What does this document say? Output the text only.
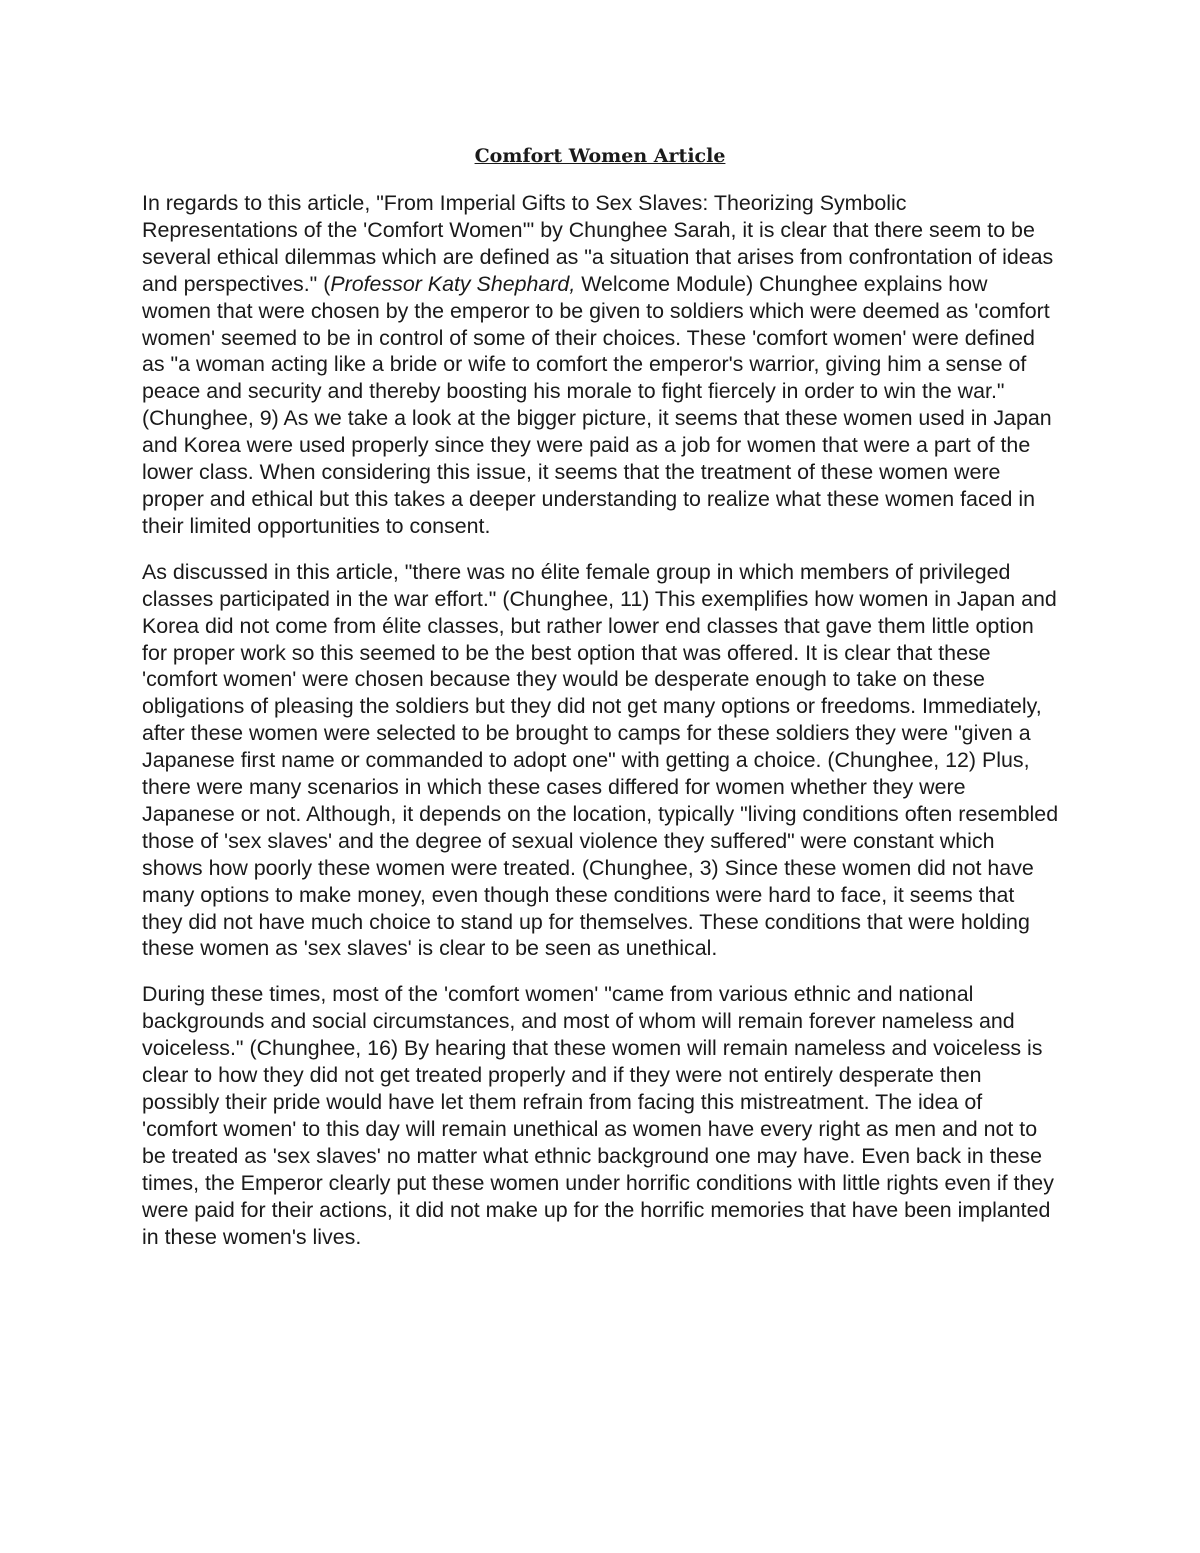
Comfort Women Article

In regards to this article, "From Imperial Gifts to Sex Slaves: Theorizing Symbolic Representations of the 'Comfort Women'" by Chunghee Sarah, it is clear that there seem to be several ethical dilemmas which are defined as "a situation that arises from confrontation of ideas and perspectives." (Professor Katy Shephard, Welcome Module) Chunghee explains how women that were chosen by the emperor to be given to soldiers which were deemed as 'comfort women' seemed to be in control of some of their choices. These 'comfort women' were defined as "a woman acting like a bride or wife to comfort the emperor's warrior, giving him a sense of peace and security and thereby boosting his morale to fight fiercely in order to win the war." (Chunghee, 9) As we take a look at the bigger picture, it seems that these women used in Japan and Korea were used properly since they were paid as a job for women that were a part of the lower class. When considering this issue, it seems that the treatment of these women were proper and ethical but this takes a deeper understanding to realize what these women faced in their limited opportunities to consent.

As discussed in this article, "there was no élite female group in which members of privileged classes participated in the war effort." (Chunghee, 11) This exemplifies how women in Japan and Korea did not come from élite classes, but rather lower end classes that gave them little option for proper work so this seemed to be the best option that was offered. It is clear that these 'comfort women' were chosen because they would be desperate enough to take on these obligations of pleasing the soldiers but they did not get many options or freedoms. Immediately, after these women were selected to be brought to camps for these soldiers they were "given a Japanese first name or commanded to adopt one" with getting a choice. (Chunghee, 12) Plus, there were many scenarios in which these cases differed for women whether they were Japanese or not. Although, it depends on the location, typically "living conditions often resembled those of 'sex slaves' and the degree of sexual violence they suffered" were constant which shows how poorly these women were treated. (Chunghee, 3) Since these women did not have many options to make money, even though these conditions were hard to face, it seems that they did not have much choice to stand up for themselves. These conditions that were holding these women as 'sex slaves' is clear to be seen as unethical.

During these times, most of the 'comfort women' "came from various ethnic and national backgrounds and social circumstances, and most of whom will remain forever nameless and voiceless." (Chunghee, 16) By hearing that these women will remain nameless and voiceless is clear to how they did not get treated properly and if they were not entirely desperate then possibly their pride would have let them refrain from facing this mistreatment. The idea of 'comfort women' to this day will remain unethical as women have every right as men and not to be treated as 'sex slaves' no matter what ethnic background one may have. Even back in these times, the Emperor clearly put these women under horrific conditions with little rights even if they were paid for their actions, it did not make up for the horrific memories that have been implanted in these women's lives.
